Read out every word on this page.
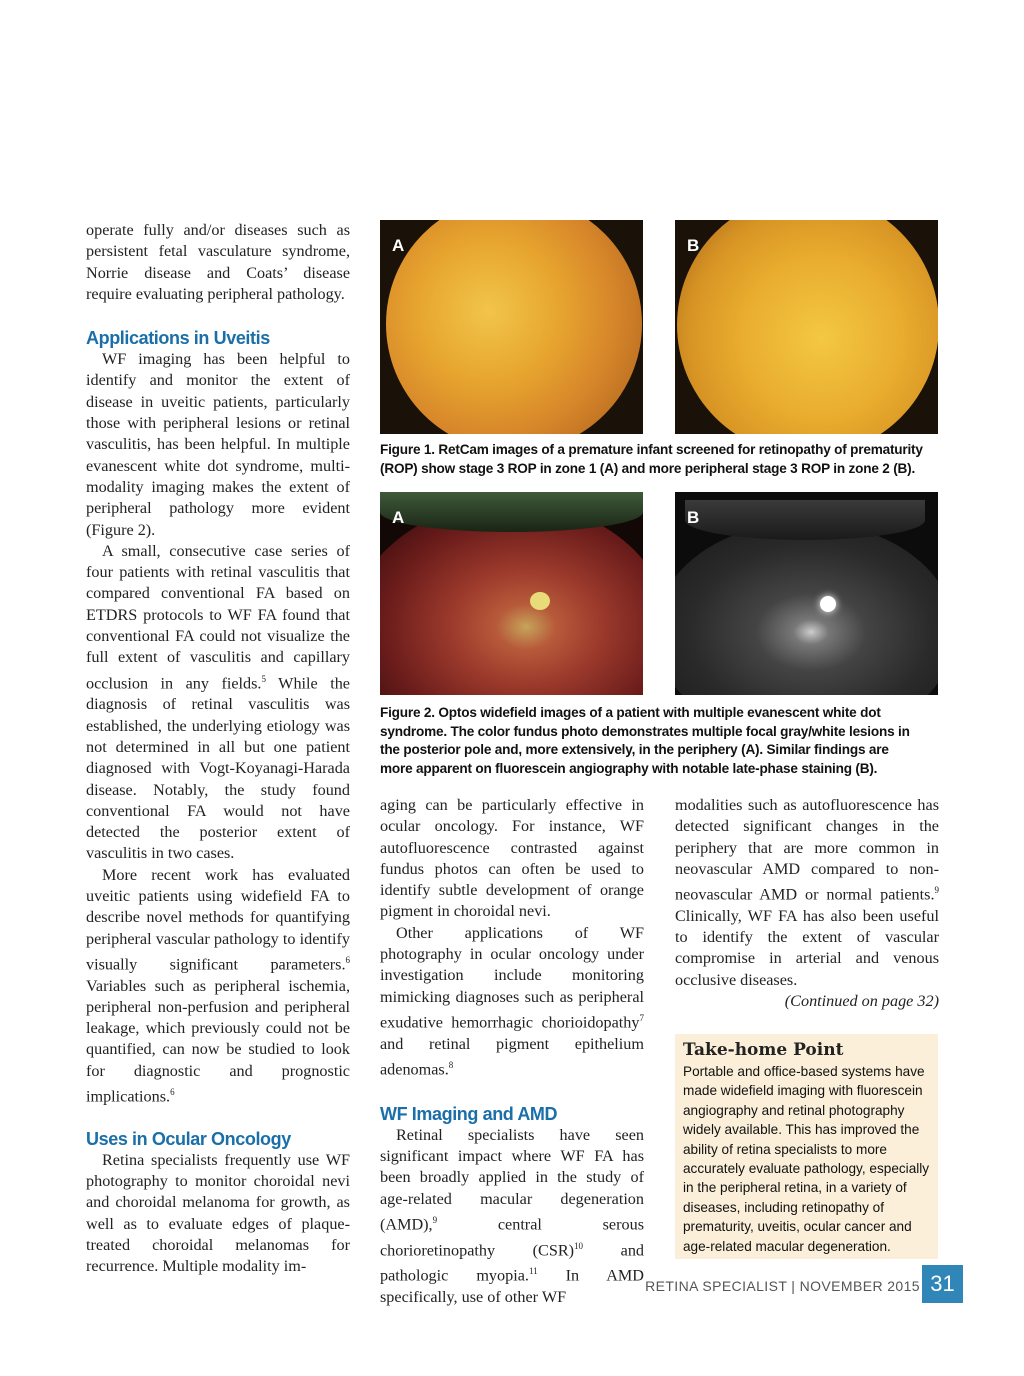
operate fully and/or diseases such as persistent fetal vasculature syndrome, Norrie disease and Coats’ disease require evaluating peripheral pathology.

Applications in Uveitis

WF imaging has been helpful to identify and monitor the extent of disease in uveitic patients, particularly those with peripheral lesions or retinal vasculitis, has been helpful. In multiple evanescent white dot syndrome, multi-modality imaging makes the extent of peripheral pathology more evident (Figure 2).

A small, consecutive case series of four patients with retinal vasculitis that compared conventional FA based on ETDRS protocols to WF FA found that conventional FA could not visualize the full extent of vasculitis and capillary occlusion in any fields.$^5$ While the diagnosis of retinal vasculitis was established, the underlying etiology was not determined in all but one patient diagnosed with Vogt-Koyanagi-Harada disease. Notably, the study found conventional FA would not have detected the posterior extent of vasculitis in two cases.

More recent work has evaluated uveitic patients using widefield FA to describe novel methods for quantifying peripheral vascular pathology to identify visually significant parameters.$^6$ Variables such as peripheral ischemia, peripheral non-perfusion and peripheral leakage, which previously could not be quantified, can now be studied to look for diagnostic and prognostic implications.$^6$

Uses in Ocular Oncology

Retina specialists frequently use WF photography to monitor choroidal nevi and choroidal melanoma for growth, as well as to evaluate edges of plaque-treated choroidal melanomas for recurrence. Multiple modality im-

A	B

Figure 1. RetCam images of a premature infant screened for retinopathy of prematurity (ROP) show stage 3 ROP in zone 1 (A) and more peripheral stage 3 ROP in zone 2 (B).

A	B

Figure 2. Optos widefield images of a patient with multiple evanescent white dot syndrome. The color fundus photo demonstrates multiple focal gray/white lesions in the posterior pole and, more extensively, in the periphery (A). Similar findings are more apparent on fluorescein angiography with notable late-phase staining (B).

aging can be particularly effective in ocular oncology. For instance, WF autofluorescence contrasted against fundus photos can often be used to identify subtle development of orange pigment in choroidal nevi.

Other applications of WF photography in ocular oncology under investigation include monitoring mimicking diagnoses such as peripheral exudative hemorrhagic chorioidopathy$^7$ and retinal pigment epithelium adenomas.$^8$

WF Imaging and AMD

Retinal specialists have seen significant impact where WF FA has been broadly applied in the study of age-related macular degeneration (AMD),$^9$ central serous chorioretinopathy (CSR)$^{10}$ and pathologic myopia.$^{11}$ In AMD specifically, use of other WF

modalities such as autofluorescence has detected significant changes in the periphery that are more common in neovascular AMD compared to non-neovascular AMD or normal patients.$^9$ Clinically, WF FA has also been useful to identify the extent of vascular compromise in arterial and venous occlusive diseases.

(Continued on page 32)

Take-home Point

Portable and office-based systems have made widefield imaging with fluorescein angiography and retinal photography widely available. This has improved the ability of retina specialists to more accurately evaluate pathology, especially in the peripheral retina, in a variety of diseases, including retinopathy of prematurity, uveitis, ocular cancer and age-related macular degeneration.

RETINA SPECIALIST | NOVEMBER 2015 31
